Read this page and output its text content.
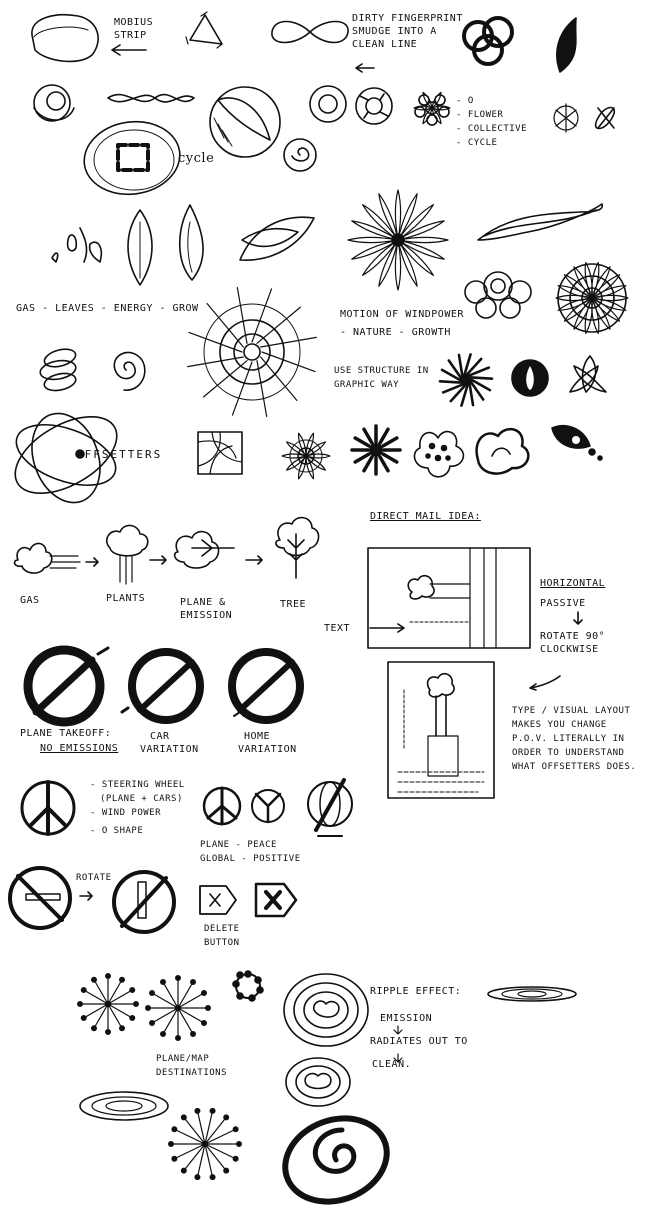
MOBIUS
STRIP
DIRTY FINGERPRINT
SMUDGE INTO A
CLEAN LINE
- O
- FLOWER
- COLLECTIVE
- CYCLE
cycle
GAS - LEAVES - ENERGY - GROW
MOTION OF WINDPOWER
- NATURE - GROWTH
USE STRUCTURE IN
GRAPHIC WAY
OFFSETTERS
DIRECT MAIL IDEA:
GAS	PLANTS	PLANE &
EMISSION
TREE
TEXT
HORIZONTAL
PASSIVE
ROTATE 90°
CLOCKWISE
TYPE / VISUAL LAYOUT
MAKES YOU CHANGE
P.O.V. LITERALLY IN
ORDER TO UNDERSTAND
WHAT OFFSETTERS DOES.
PLANE TAKEOFF:
NO EMISSIONS
CAR
VARIATION
HOME
VARIATION
- STEERING WHEEL
(PLANE + CARS)
- WIND POWER
- O SHAPE
PLANE - PEACE
GLOBAL - POSITIVE
ROTATE
DELETE
BUTTON
RIPPLE EFFECT:
EMISSION
RADIATES OUT TO
CLEAN.
PLANE/MAP
DESTINATIONS
